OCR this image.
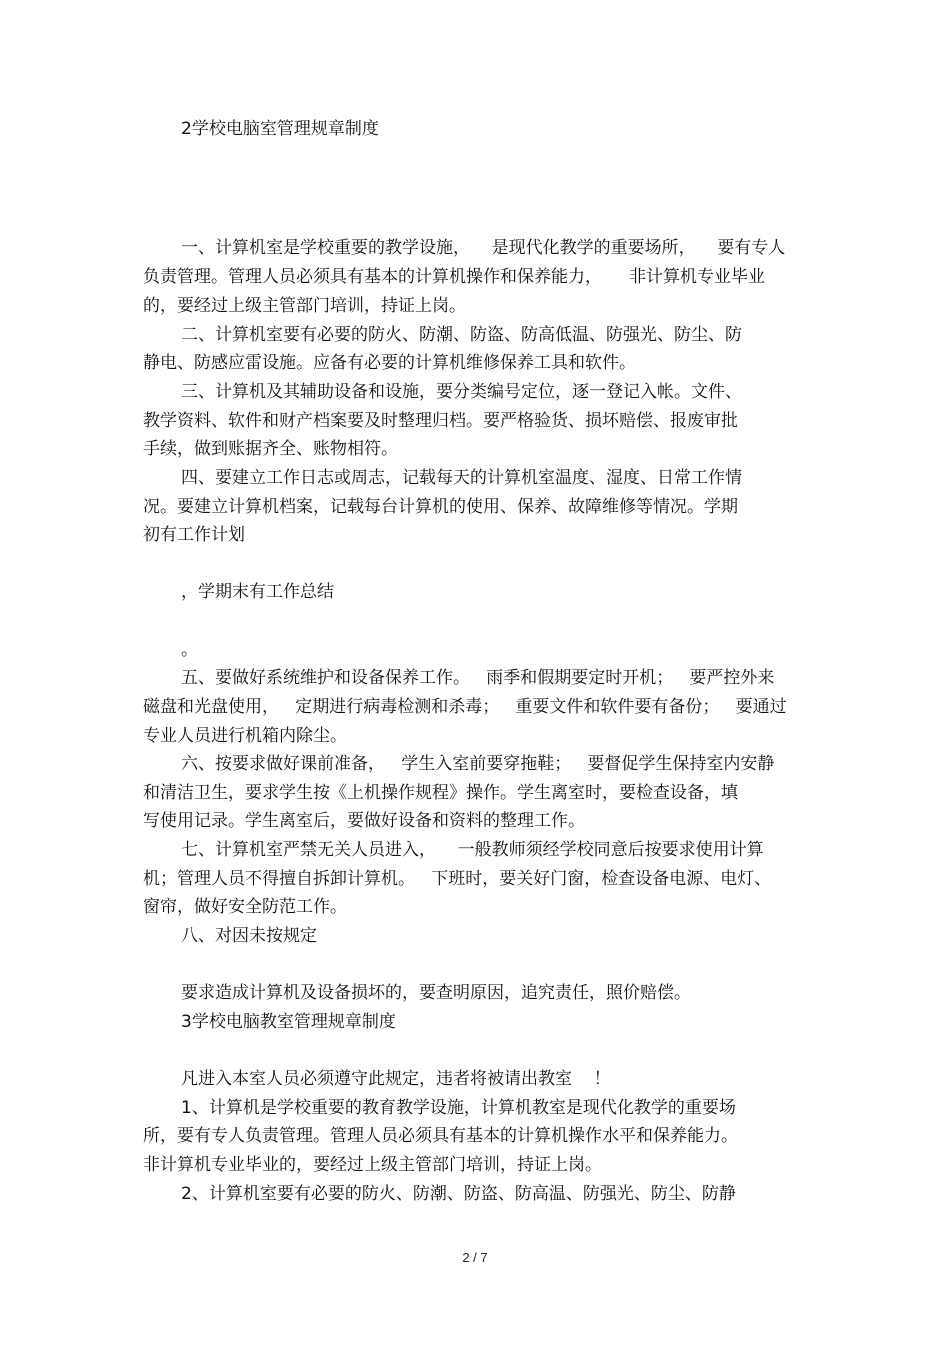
2学校电脑室管理规章制度
一、计算机室是学校重要的教学设施，    是现代化教学的重要场所，    要有专人
负责管理。管理人员必须具有基本的计算机操作和保养能力，     非计算机专业毕业
的，要经过上级主管部门培训，持证上岗。
二、计算机室要有必要的防火、防潮、防盗、防高低温、防强光、防尘、防
静电、防感应雷设施。应备有必要的计算机维修保养工具和软件。
三、计算机及其辅助设备和设施，要分类编号定位，逐一登记入帐。文件、
教学资料、软件和财产档案要及时整理归档。要严格验货、损坏赔偿、报废审批
手续，做到账据齐全、账物相符。
四、要建立工作日志或周志，记载每天的计算机室温度、湿度、日常工作情
况。要建立计算机档案，记载每台计算机的使用、保养、故障维修等情况。学期
初有工作计划
，学期末有工作总结
。
五、要做好系统维护和设备保养工作。   雨季和假期要定时开机；   要严控外来
磁盘和光盘使用，   定期进行病毒检测和杀毒；   重要文件和软件要有备份；   要通过
专业人员进行机箱内除尘。
六、按要求做好课前准备，   学生入室前要穿拖鞋；   要督促学生保持室内安静
和清洁卫生，要求学生按《上机操作规程》操作。学生离室时，要检查设备，填
写使用记录。学生离室后，要做好设备和资料的整理工作。
七、计算机室严禁无关人员进入，    一般教师须经学校同意后按要求使用计算
机；管理人员不得擅自拆卸计算机。   下班时，要关好门窗，检查设备电源、电灯、
窗帘，做好安全防范工作。
八、对因未按规定
要求造成计算机及设备损坏的，要查明原因，追究责任，照价赔偿。
3学校电脑教室管理规章制度
凡进入本室人员必须遵守此规定，违者将被请出教室    ！
1、计算机是学校重要的教育教学设施，计算机教室是现代化教学的重要场
所，要有专人负责管理。管理人员必须具有基本的计算机操作水平和保养能力。
非计算机专业毕业的，要经过上级主管部门培训，持证上岗。
2、计算机室要有必要的防火、防潮、防盗、防高温、防强光、防尘、防静
2 / 7
